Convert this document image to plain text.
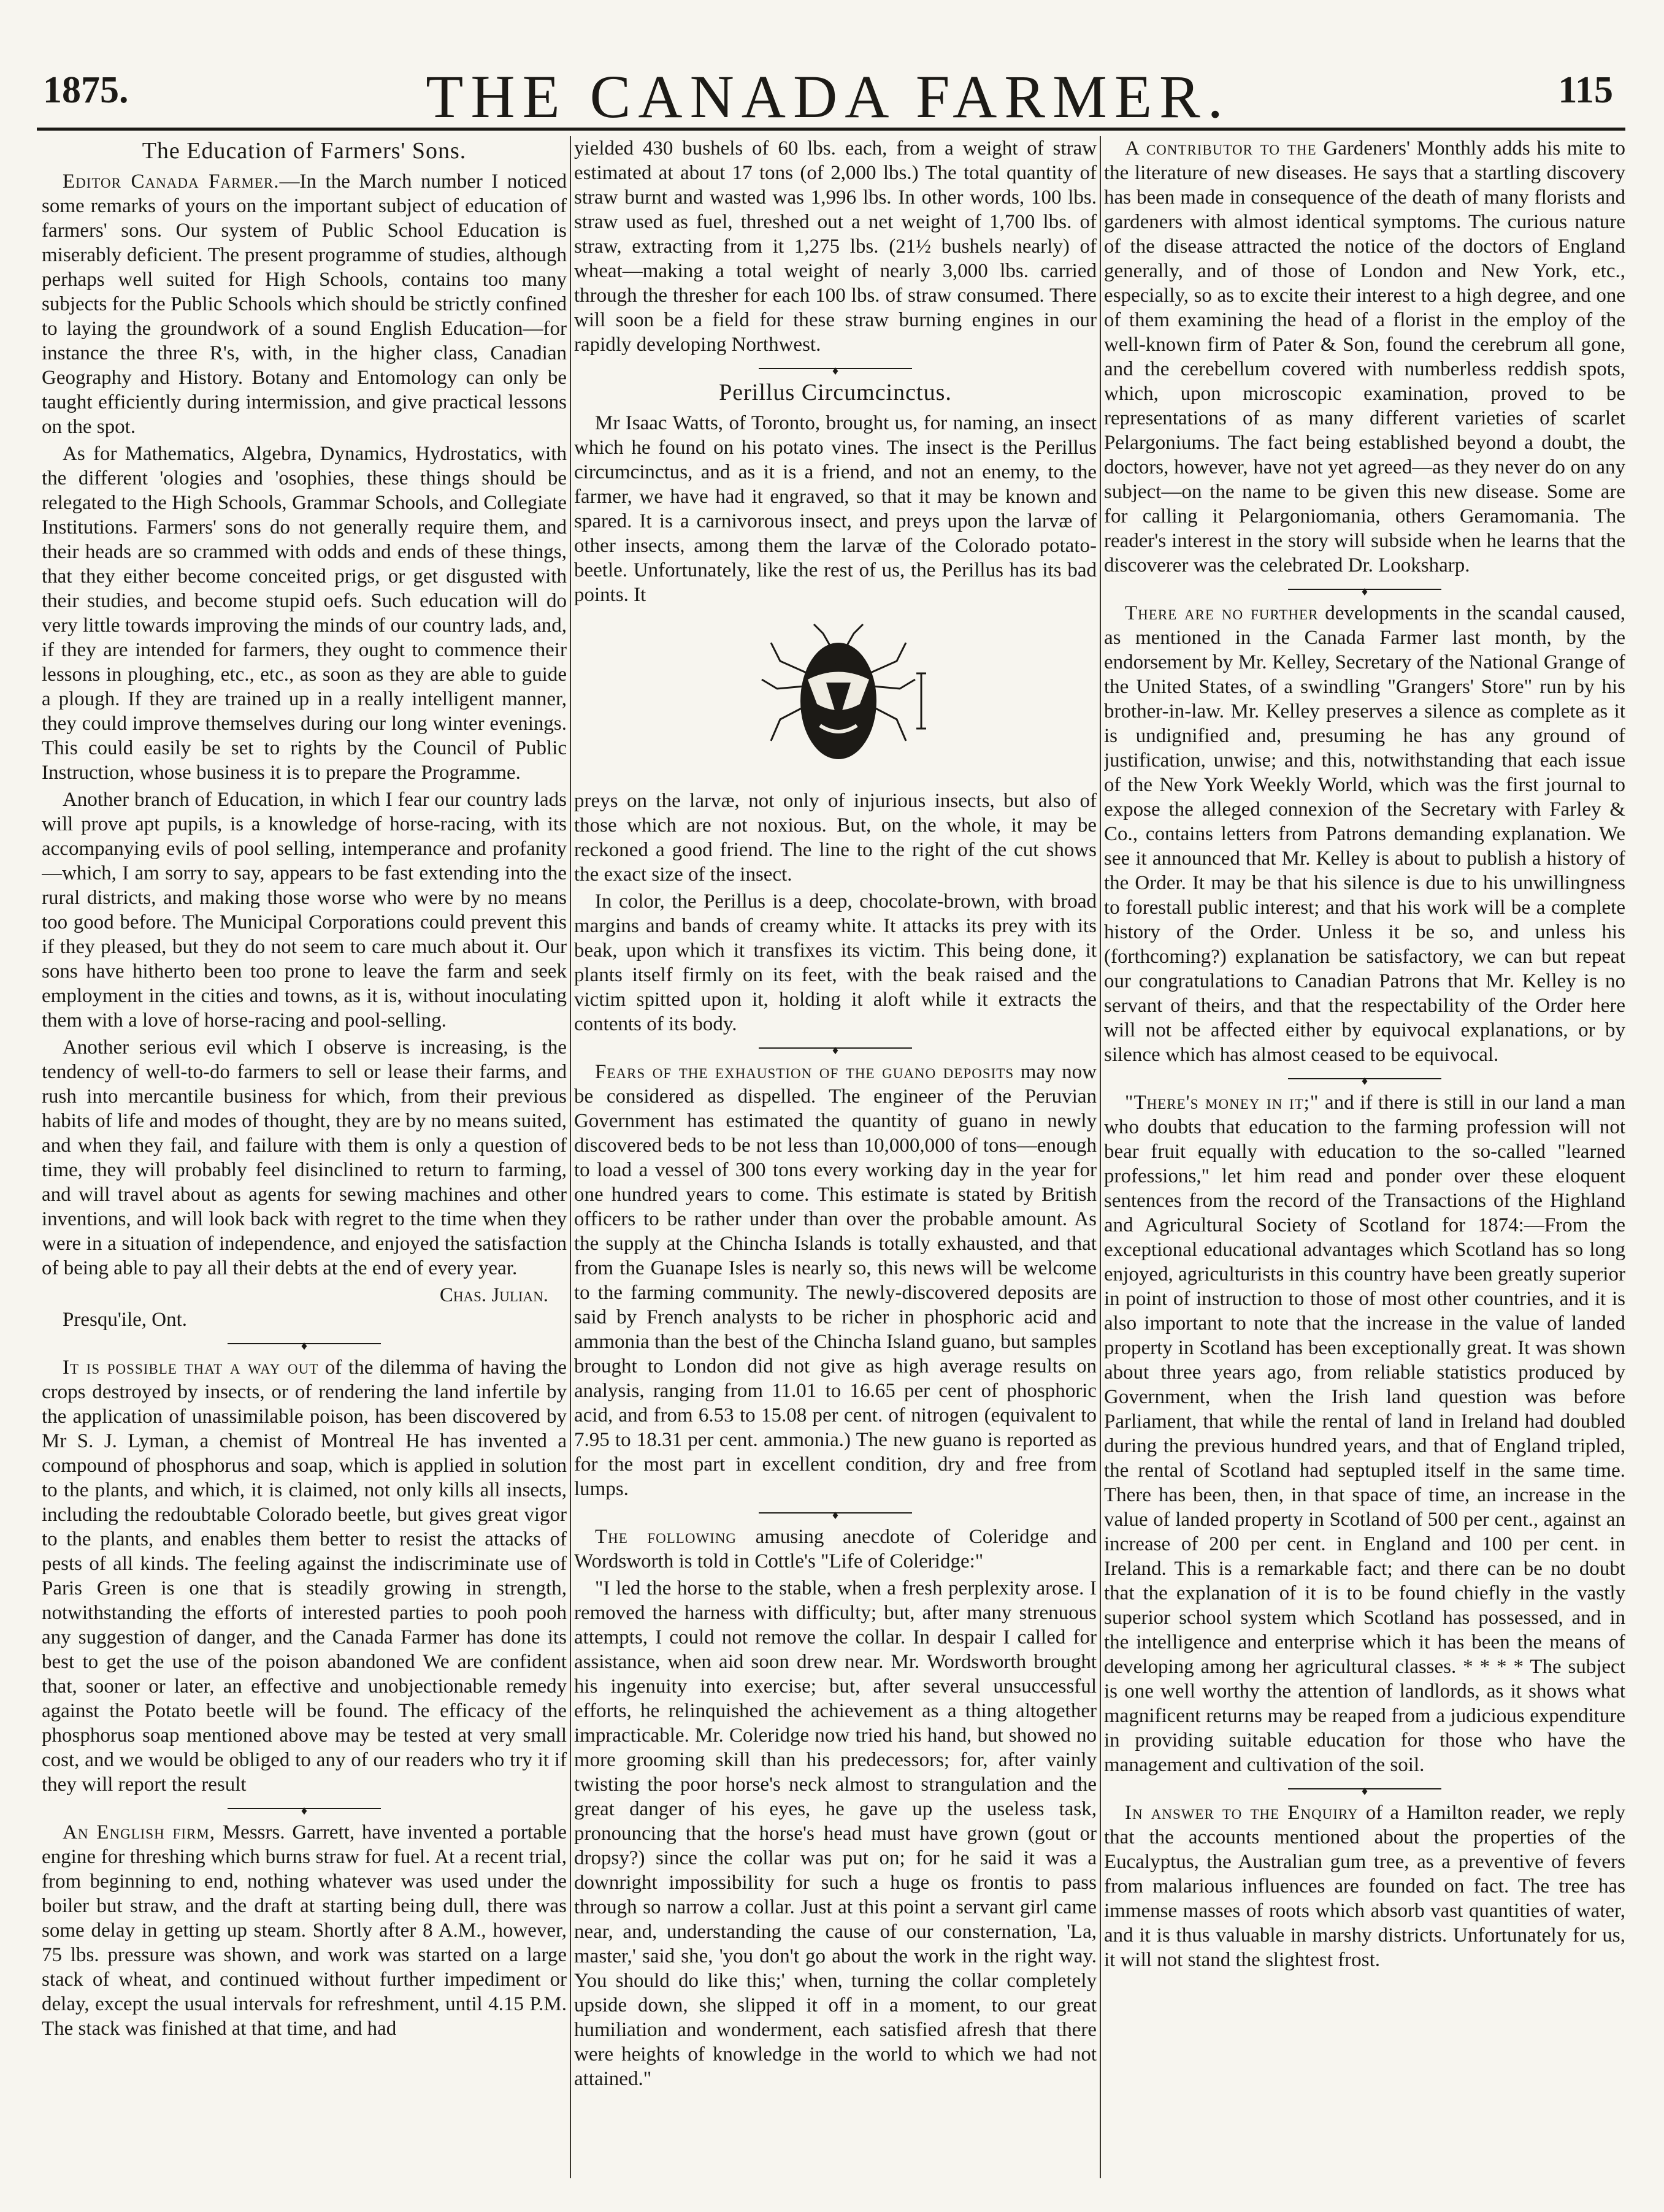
1875.	THE CANADA FARMER.	115
The Education of Farmers' Sons.

Editor Canada Farmer.—In the March number I noticed some remarks of yours on the important subject of education of farmers' sons. Our system of Public School Education is miserably deficient. The present programme of studies, although perhaps well suited for High Schools, contains too many subjects for the Public Schools which should be strictly confined to laying the groundwork of a sound English Education—for instance the three R's, with, in the higher class, Canadian Geography and History. Botany and Entomology can only be taught efficiently during intermission, and give practical lessons on the spot.

As for Mathematics, Algebra, Dynamics, Hydrostatics, with the different 'ologies and 'osophies, these things should be relegated to the High Schools, Grammar Schools, and Collegiate Institutions. Farmers' sons do not generally require them, and their heads are so crammed with odds and ends of these things, that they either become conceited prigs, or get disgusted with their studies, and become stupid oefs. Such education will do very little towards improving the minds of our country lads, and, if they are intended for farmers, they ought to commence their lessons in ploughing, etc., etc., as soon as they are able to guide a plough. If they are trained up in a really intelligent manner, they could improve themselves during our long winter evenings. This could easily be set to rights by the Council of Public Instruction, whose business it is to prepare the Programme.

Another branch of Education, in which I fear our country lads will prove apt pupils, is a knowledge of horse-racing, with its accompanying evils of pool selling, intemperance and profanity—which, I am sorry to say, appears to be fast extending into the rural districts, and making those worse who were by no means too good before. The Municipal Corporations could prevent this if they pleased, but they do not seem to care much about it. Our sons have hitherto been too prone to leave the farm and seek employment in the cities and towns, as it is, without inoculating them with a love of horse-racing and pool-selling.

Another serious evil which I observe is increasing, is the tendency of well-to-do farmers to sell or lease their farms, and rush into mercantile business for which, from their previous habits of life and modes of thought, they are by no means suited, and when they fail, and failure with them is only a question of time, they will probably feel disinclined to return to farming, and will travel about as agents for sewing machines and other inventions, and will look back with regret to the time when they were in a situation of independence, and enjoyed the satisfaction of being able to pay all their debts at the end of every year.

Chas. Julian.
Presqu'ile, Ont.
♦

It is possible that a way out of the dilemma of having the crops destroyed by insects, or of rendering the land infertile by the application of unassimilable poison, has been discovered by Mr S. J. Lyman, a chemist of Montreal He has invented a compound of phosphorus and soap, which is applied in solution to the plants, and which, it is claimed, not only kills all insects, including the redoubtable Colorado beetle, but gives great vigor to the plants, and enables them better to resist the attacks of pests of all kinds. The feeling against the indiscriminate use of Paris Green is one that is steadily growing in strength, notwithstanding the efforts of interested parties to pooh pooh any suggestion of danger, and the Canada Farmer has done its best to get the use of the poison abandoned We are confident that, sooner or later, an effective and unobjectionable remedy against the Potato beetle will be found. The efficacy of the phosphorus soap mentioned above may be tested at very small cost, and we would be obliged to any of our readers who try it if they will report the result

♦

An English firm, Messrs. Garrett, have invented a portable engine for threshing which burns straw for fuel. At a recent trial, from beginning to end, nothing whatever was used under the boiler but straw, and the draft at starting being dull, there was some delay in getting up steam. Shortly after 8 A.M., however, 75 lbs. pressure was shown, and work was started on a large stack of wheat, and continued without further impediment or delay, except the usual intervals for refreshment, until 4.15 P.M. The stack was finished at that time, and had

yielded 430 bushels of 60 lbs. each, from a weight of straw estimated at about 17 tons (of 2,000 lbs.) The total quantity of straw burnt and wasted was 1,996 lbs. In other words, 100 lbs. straw used as fuel, threshed out a net weight of 1,700 lbs. of straw, extracting from it 1,275 lbs. (21½ bushels nearly) of wheat—making a total weight of nearly 3,000 lbs. carried through the thresher for each 100 lbs. of straw consumed. There will soon be a field for these straw burning engines in our rapidly developing Northwest.

♦
Perillus Circumcinctus.

Mr Isaac Watts, of Toronto, brought us, for naming, an insect which he found on his potato vines. The insect is the Perillus circumcinctus, and as it is a friend, and not an enemy, to the farmer, we have had it engraved, so that it may be known and spared. It is a carnivorous insect, and preys upon the larvæ of other insects, among them the larvæ of the Colorado potato-beetle. Unfortunately, like the rest of us, the Perillus has its bad points. It

preys on the larvæ, not only of injurious insects, but also of those which are not noxious. But, on the whole, it may be reckoned a good friend. The line to the right of the cut shows the exact size of the insect.

In color, the Perillus is a deep, chocolate-brown, with broad margins and bands of creamy white. It attacks its prey with its beak, upon which it transfixes its victim. This being done, it plants itself firmly on its feet, with the beak raised and the victim spitted upon it, holding it aloft while it extracts the contents of its body.

♦

Fears of the exhaustion of the guano deposits may now be considered as dispelled. The engineer of the Peruvian Government has estimated the quantity of guano in newly discovered beds to be not less than 10,000,000 of tons—enough to load a vessel of 300 tons every working day in the year for one hundred years to come. This estimate is stated by British officers to be rather under than over the probable amount. As the supply at the Chincha Islands is totally exhausted, and that from the Guanape Isles is nearly so, this news will be welcome to the farming community. The newly-discovered deposits are said by French analysts to be richer in phosphoric acid and ammonia than the best of the Chincha Island guano, but samples brought to London did not give as high average results on analysis, ranging from 11.01 to 16.65 per cent of phosphoric acid, and from 6.53 to 15.08 per cent. of nitrogen (equivalent to 7.95 to 18.31 per cent. ammonia.) The new guano is reported as for the most part in excellent condition, dry and free from lumps.

♦

The following amusing anecdote of Coleridge and Wordsworth is told in Cottle's "Life of Coleridge:"

"I led the horse to the stable, when a fresh perplexity arose. I removed the harness with difficulty; but, after many strenuous attempts, I could not remove the collar. In despair I called for assistance, when aid soon drew near. Mr. Wordsworth brought his ingenuity into exercise; but, after several unsuccessful efforts, he relinquished the achievement as a thing altogether impracticable. Mr. Coleridge now tried his hand, but showed no more grooming skill than his predecessors; for, after vainly twisting the poor horse's neck almost to strangulation and the great danger of his eyes, he gave up the useless task, pronouncing that the horse's head must have grown (gout or dropsy?) since the collar was put on; for he said it was a downright impossibility for such a huge os frontis to pass through so narrow a collar. Just at this point a servant girl came near, and, understanding the cause of our consternation, 'La, master,' said she, 'you don't go about the work in the right way. You should do like this;' when, turning the collar completely upside down, she slipped it off in a moment, to our great humiliation and wonderment, each satisfied afresh that there were heights of knowledge in the world to which we had not attained."

A contributor to the Gardeners' Monthly adds his mite to the literature of new diseases. He says that a startling discovery has been made in consequence of the death of many florists and gardeners with almost identical symptoms. The curious nature of the disease attracted the notice of the doctors of England generally, and of those of London and New York, etc., especially, so as to excite their interest to a high degree, and one of them examining the head of a florist in the employ of the well-known firm of Pater & Son, found the cerebrum all gone, and the cerebellum covered with numberless reddish spots, which, upon microscopic examination, proved to be representations of as many different varieties of scarlet Pelargoniums. The fact being established beyond a doubt, the doctors, however, have not yet agreed—as they never do on any subject—on the name to be given this new disease. Some are for calling it Pelargoniomania, others Geramomania. The reader's interest in the story will subside when he learns that the discoverer was the celebrated Dr. Looksharp.

♦

There are no further developments in the scandal caused, as mentioned in the Canada Farmer last month, by the endorsement by Mr. Kelley, Secretary of the National Grange of the United States, of a swindling "Grangers' Store" run by his brother-in-law. Mr. Kelley preserves a silence as complete as it is undignified and, presuming he has any ground of justification, unwise; and this, notwithstanding that each issue of the New York Weekly World, which was the first journal to expose the alleged connexion of the Secretary with Farley & Co., contains letters from Patrons demanding explanation. We see it announced that Mr. Kelley is about to publish a history of the Order. It may be that his silence is due to his unwillingness to forestall public interest; and that his work will be a complete history of the Order. Unless it be so, and unless his (forthcoming?) explanation be satisfactory, we can but repeat our congratulations to Canadian Patrons that Mr. Kelley is no servant of theirs, and that the respectability of the Order here will not be affected either by equivocal explanations, or by silence which has almost ceased to be equivocal.

♦

"There's money in it;" and if there is still in our land a man who doubts that education to the farming profession will not bear fruit equally with education to the so-called "learned professions," let him read and ponder over these eloquent sentences from the record of the Transactions of the Highland and Agricultural Society of Scotland for 1874:—From the exceptional educational advantages which Scotland has so long enjoyed, agriculturists in this country have been greatly superior in point of instruction to those of most other countries, and it is also important to note that the increase in the value of landed property in Scotland has been exceptionally great. It was shown about three years ago, from reliable statistics produced by Government, when the Irish land question was before Parliament, that while the rental of land in Ireland had doubled during the previous hundred years, and that of England tripled, the rental of Scotland had septupled itself in the same time. There has been, then, in that space of time, an increase in the value of landed property in Scotland of 500 per cent., against an increase of 200 per cent. in England and 100 per cent. in Ireland. This is a remarkable fact; and there can be no doubt that the explanation of it is to be found chiefly in the vastly superior school system which Scotland has possessed, and in the intelligence and enterprise which it has been the means of developing among her agricultural classes. * * * * The subject is one well worthy the attention of landlords, as it shows what magnificent returns may be reaped from a judicious expenditure in providing suitable education for those who have the management and cultivation of the soil.

♦

In answer to the Enquiry of a Hamilton reader, we reply that the accounts mentioned about the properties of the Eucalyptus, the Australian gum tree, as a preventive of fevers from malarious influences are founded on fact. The tree has immense masses of roots which absorb vast quantities of water, and it is thus valuable in marshy districts. Unfortunately for us, it will not stand the slightest frost.
